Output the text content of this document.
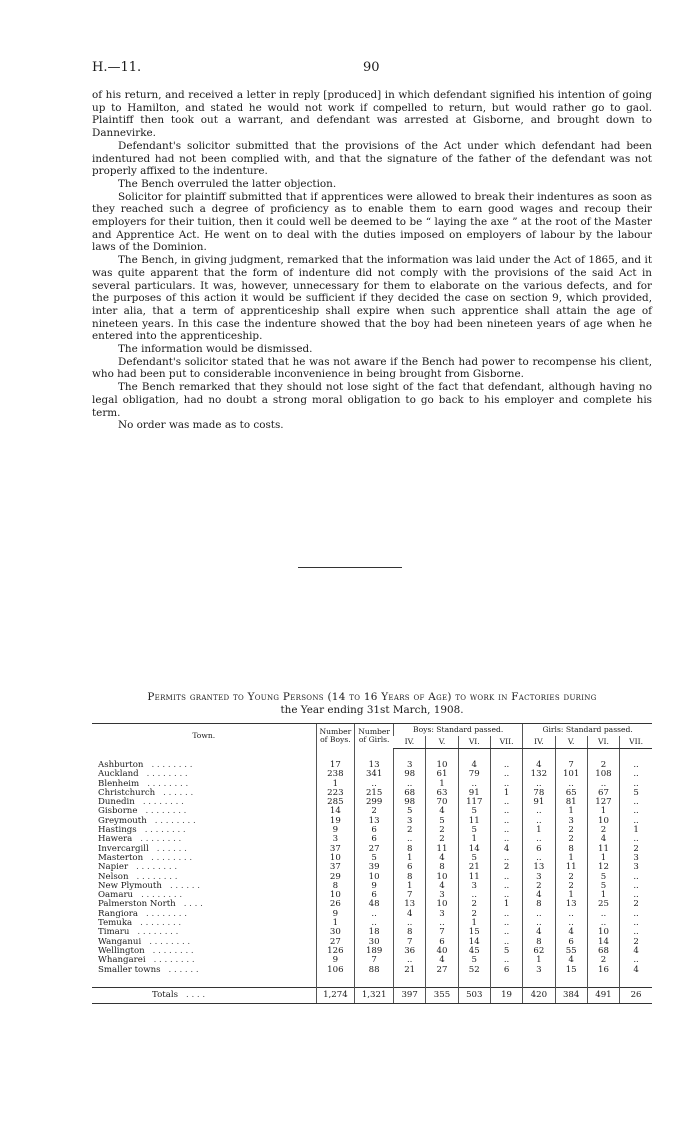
H.—11.	90

of his return, and received a letter in reply [produced] in which defendant signified his intention of going up to Hamilton, and stated he would not work if compelled to return, but would rather go to gaol. Plaintiff then took out a warrant, and defendant was arrested at Gisborne, and brought down to Dannevirke.

Defendant's solicitor submitted that the provisions of the Act under which defendant had been indentured had not been complied with, and that the signature of the father of the defendant was not properly affixed to the indenture.

The Bench overruled the latter objection.

Solicitor for plaintiff submitted that if apprentices were allowed to break their indentures as soon as they reached such a degree of proficiency as to enable them to earn good wages and recoup their employers for their tuition, then it could well be deemed to be “ laying the axe ” at the root of the Master and Apprentice Act. He went on to deal with the duties imposed on employers of labour by the labour laws of the Dominion.

The Bench, in giving judgment, remarked that the information was laid under the Act of 1865, and it was quite apparent that the form of indenture did not comply with the provisions of the said Act in several particulars. It was, however, unnecessary for them to elaborate on the various defects, and for the purposes of this action it would be sufficient if they decided the case on section 9, which provided, inter alia, that a term of apprenticeship shall expire when such apprentice shall attain the age of nineteen years. In this case the indenture showed that the boy had been nineteen years of age when he entered into the apprenticeship.

The information would be dismissed.

Defendant's solicitor stated that he was not aware if the Bench had power to recompense his client, who had been put to considerable inconvenience in being brought from Gisborne.

The Bench remarked that they should not lose sight of the fact that defendant, although having no legal obligation, had no doubt a strong moral obligation to go back to his employer and complete his term.

No order was made as to costs.

Permits granted to Young Persons (14 to 16 Years of Age) to work in Factories during
the Year ending 31st March, 1908.
Town.	Number of Boys.	Number of Girls.	Boys: Standard passed.				Girls: Standard passed.			
			IV.	V.	VI.	VII.	IV.	V.	VI.	VII.

Ashburton . . . . . . . .	17	13	3	10	4	..	4	7	2	..
Auckland . . . . . . . .	238	341	98	61	79	..	132	101	108	..
Blenheim . . . . . . . .	1	..	..	1	..	..	..	..	..	..
Christchurch . . . . . .	223	215	68	63	91	1	78	65	67	5
Dunedin . . . . . . . .	285	299	98	70	117	..	91	81	127	..
Gisborne . . . . . . . .	14	2	5	4	5	..	..	1	1	..
Greymouth . . . . . . . .	19	13	3	5	11	..	..	3	10	..
Hastings . . . . . . . .	9	6	2	2	5	..	1	2	2	1
Hawera . . . . . . . .	3	6	..	2	1	..	..	2	4	..
Invercargill . . . . . .	37	27	8	11	14	4	6	8	11	2
Masterton . . . . . . . .	10	5	1	4	5	..	..	1	1	3
Napier . . . . . . . .	37	39	6	8	21	2	13	11	12	3
Nelson . . . . . . . .	29	10	8	10	11	..	3	2	5	..
New Plymouth . . . . . .	8	9	1	4	3	..	2	2	5	..
Oamaru . . . . . . . .	10	6	7	3	..	..	4	1	1	..
Palmerston North . . . .	26	48	13	10	2	1	8	13	25	2
Rangiora . . . . . . . .	9	..	4	3	2	..	..	..	..	..
Temuka . . . . . . . .	1	..	..	..	1	..	..	..	..	..
Timaru . . . . . . . .	30	18	8	7	15	..	4	4	10	..
Wanganui . . . . . . . .	27	30	7	6	14	..	8	6	14	2
Wellington . . . . . . . .	126	189	36	40	45	5	62	55	68	4
Whangarei . . . . . . . .	9	7	..	4	5	..	1	4	2	..
Smaller towns . . . . . .	106	88	21	27	52	6	3	15	16	4

Totals . . . .	1,274	1,321	397	355	503	19	420	384	491	26
